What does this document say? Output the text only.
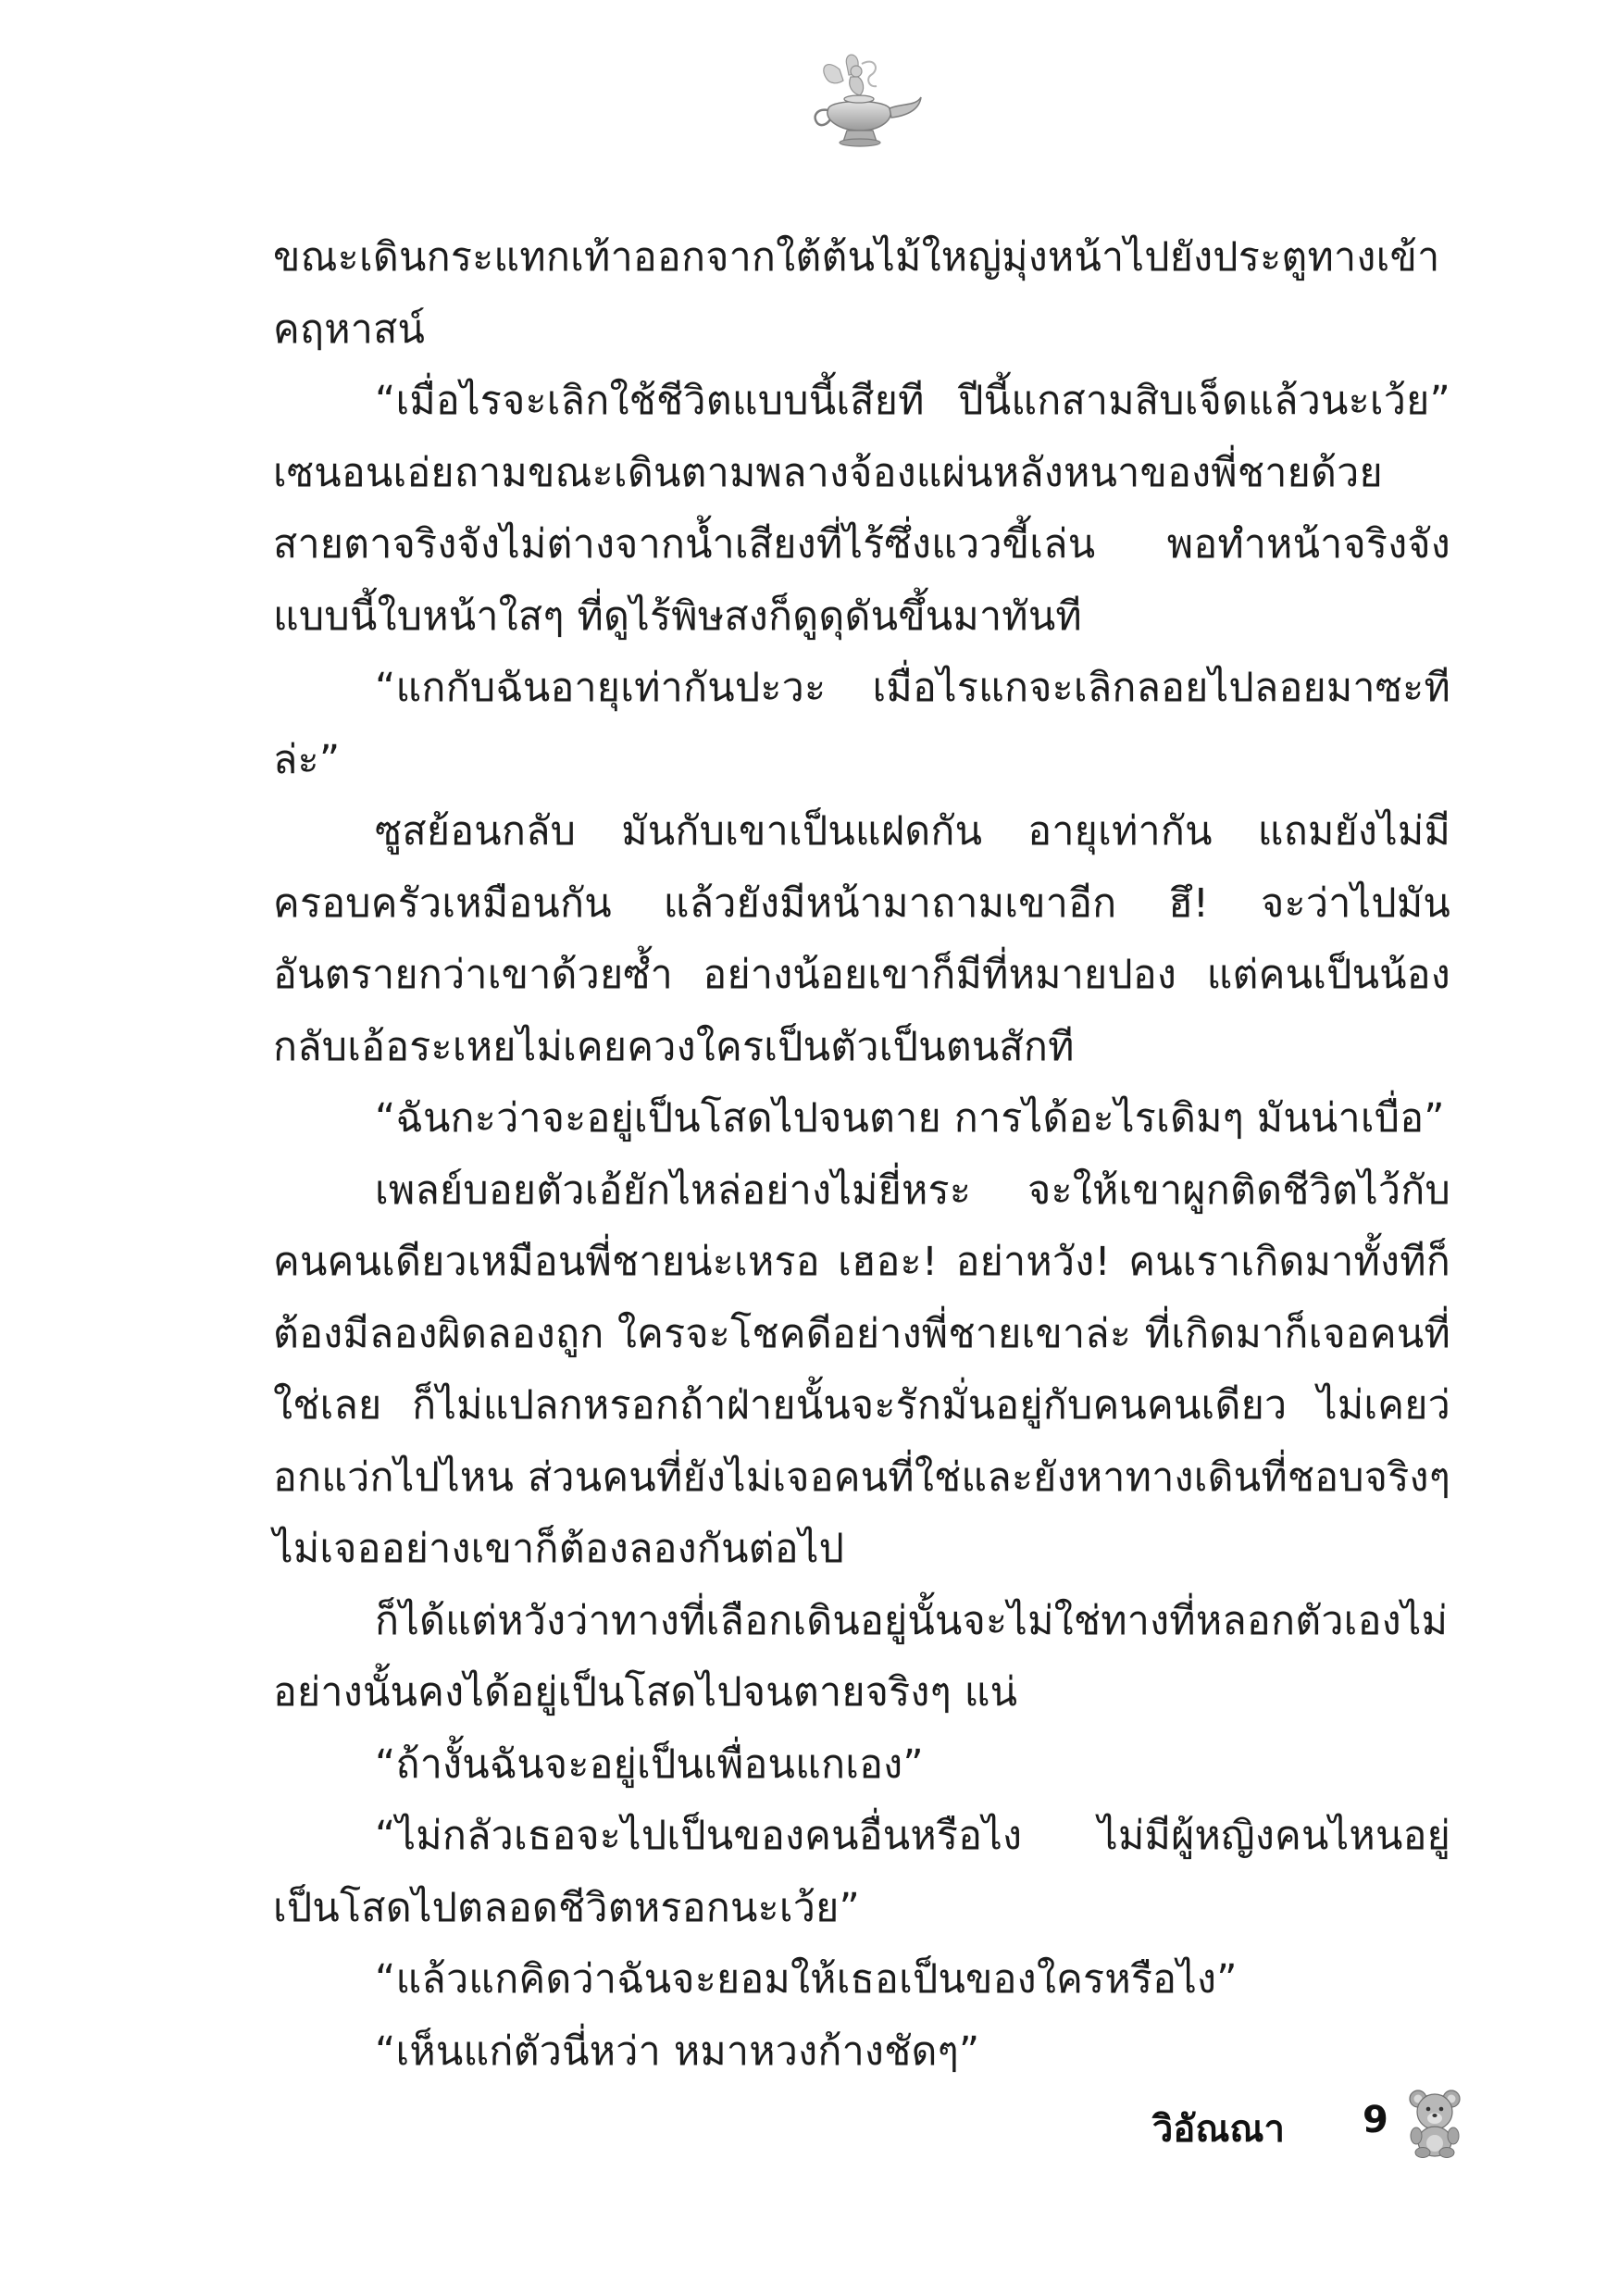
ขณะเดินกระแทกเท้าออกจากใต้ต้นไม้ใหญ่มุ่งหน้าไปยังประตูทางเข้าคฤหาสน์

“เมื่อไรจะเลิกใช้ชีวิตแบบนี้เสียที ปีนี้แกสามสิบเจ็ดแล้วนะเว้ย” เซนอนเอ่ยถามขณะเดินตามพลางจ้องแผ่นหลังหนาของพี่ชายด้วยสายตาจริงจังไม่ต่างจากน้ำเสียงที่ไร้ซึ่งแววขี้เล่น พอทำหน้าจริงจังแบบนี้ใบหน้าใสๆ ที่ดูไร้พิษสงก็ดูดุดันขึ้นมาทันที

“แกกับฉันอายุเท่ากันปะวะ เมื่อไรแกจะเลิกลอยไปลอยมาซะทีล่ะ”

ซูสย้อนกลับ มันกับเขาเป็นแฝดกัน อายุเท่ากัน แถมยังไม่มีครอบครัวเหมือนกัน แล้วยังมีหน้ามาถามเขาอีก ฮึ! จะว่าไปมันอันตรายกว่าเขาด้วยซ้ำ อย่างน้อยเขาก็มีที่หมายปอง แต่คนเป็นน้องกลับเอ้อระเหยไม่เคยควงใครเป็นตัวเป็นตนสักที

“ฉันกะว่าจะอยู่เป็นโสดไปจนตาย การได้อะไรเดิมๆ มันน่าเบื่อ”

เพลย์บอยตัวเอ้ยักไหล่อย่างไม่ยี่หระ จะให้เขาผูกติดชีวิตไว้กับคนคนเดียวเหมือนพี่ชายน่ะเหรอ เฮอะ! อย่าหวัง! คนเราเกิดมาทั้งทีก็ต้องมีลองผิดลองถูก ใครจะโชคดีอย่างพี่ชายเขาล่ะ ที่เกิดมาก็เจอคนที่ใช่เลย ก็ไม่แปลกหรอกถ้าฝ่ายนั้นจะรักมั่นอยู่กับคนคนเดียว ไม่เคยว่อกแว่กไปไหน ส่วนคนที่ยังไม่เจอคนที่ใช่และยังหาทางเดินที่ชอบจริงๆ ไม่เจออย่างเขาก็ต้องลองกันต่อไป

ก็ได้แต่หวังว่าทางที่เลือกเดินอยู่นั้นจะไม่ใช่ทางที่หลอกตัวเองไม่อย่างนั้นคงได้อยู่เป็นโสดไปจนตายจริงๆ แน่

“ถ้างั้นฉันจะอยู่เป็นเพื่อนแกเอง”

“ไม่กลัวเธอจะไปเป็นของคนอื่นหรือไง ไม่มีผู้หญิงคนไหนอยู่เป็นโสดไปตลอดชีวิตหรอกนะเว้ย”

“แล้วแกคิดว่าฉันจะยอมให้เธอเป็นของใครหรือไง”

“เห็นแก่ตัวนี่หว่า หมาหวงก้างชัดๆ”

วิอัณณา 9
